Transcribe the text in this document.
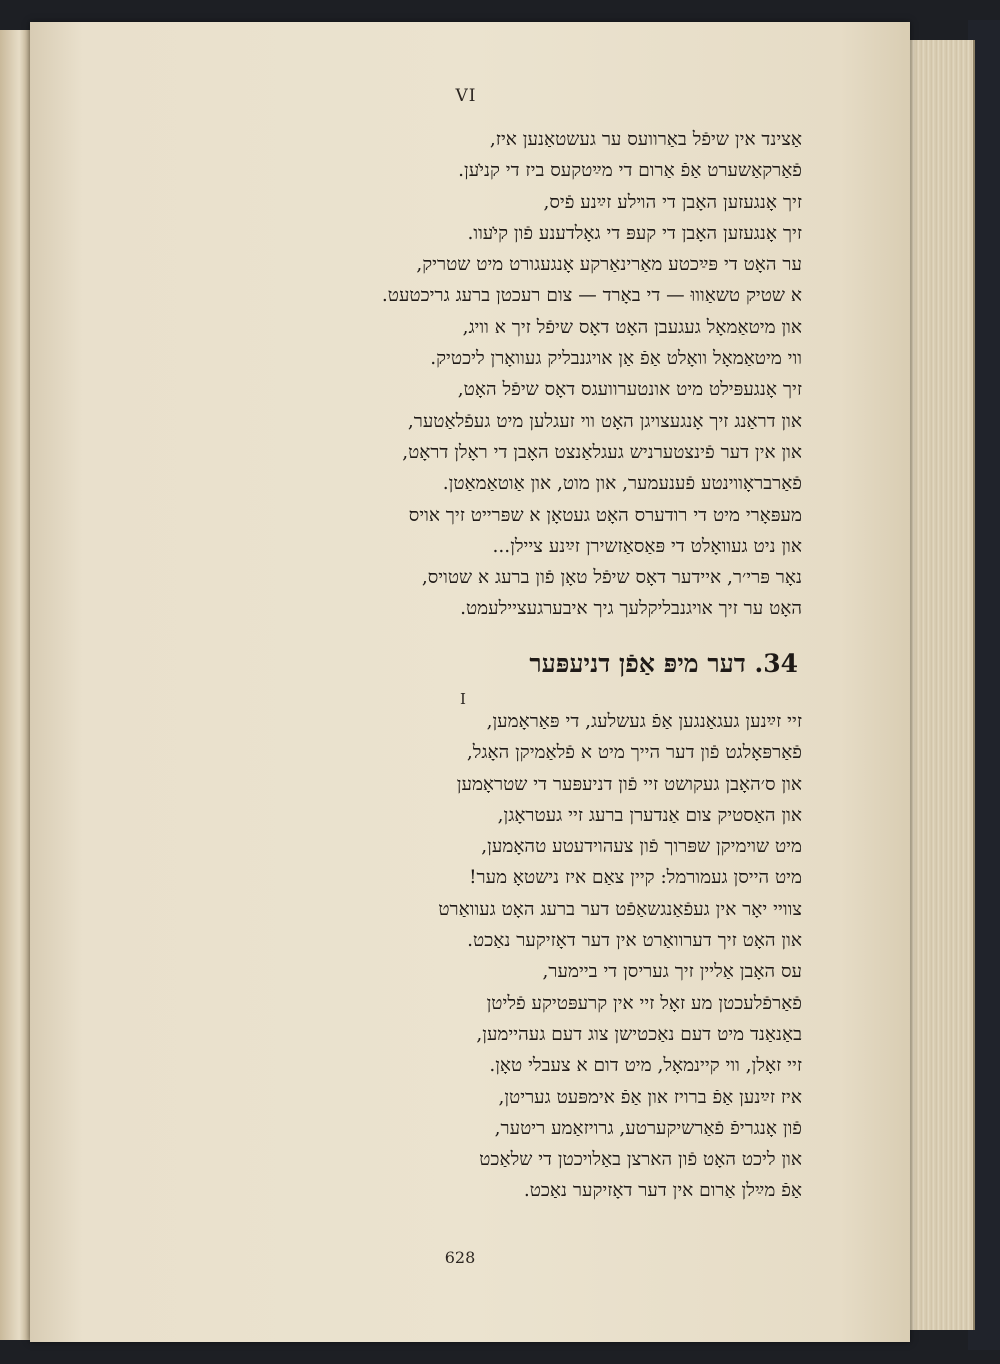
VI
אַצינד אין שיפֿל באַרוועס ער געשטאַנען איז,
פֿאַרקאַשערט אַפֿ אַרום די מײַטקעס ביז די קני̇ען.
זיך אָנגעזען האָבן די הױלע זײַנע פֿיס,
זיך אָנגעזען האָבן די קעפּ די גאָלדענע פֿון קי̇עוו.
ער האָט די פּײַכטע מאַרינאַרקע אָנגעגורט מיט שטריק,
א שטיק טשאַוווּ — די באָרד — צום רעכטן ברעג גריכטעט.
און מיטאַמאָל געגעבן האָט דאָס שיפֿל זיך א וויג,
ווי מיטאַמאָל וואָלט אַפֿ אַן אויגנבליק געוואָרן ליכטיק.
זיך אָנגעפּילט מיט אונטערוועגס דאָס שיפֿל האָט,
און דראַנג זיך אָנגעצויגן האָט ווי זעגלען מיט געפֿלאַטער,
און אין דער פֿינצטערניש געגלאַנצט האָבן די ראָלן דראָט,
פֿאַרבראָווינטע פֿענעמער, און מוט, און אַוטאַמאַטן.
מעפּאָרי מיט די רודערס האָט געטאָן א שפּרייט זיך אויס
און ניט געוואָלט די פּאַסאַזשירן זײַנע ציילן...
נאָר פּרי׳ר, איידער דאָס שיפֿל טאָן פֿון ברעג א שטויס,
האָט ער זיך אויגנבליקלעך גיך איבערגעציילעמט.
34. דער מיפּ אַפֿן דניעפּער
I
זיי זײַנען געגאַנגען אַפֿ געשלעג, די פּאַראָמען,
פֿאַרפּאָלגט פֿון דער הייך מיט א פֿלאַמיקן האָגל,
און ס׳האָבן געקושט זיי פֿון דניעפּער די שטראָמען
און האַסטיק צום אַנדערן ברעג זיי געטראָגן,
מיט שוימיקן שפּרוך פֿון צעהוידעטע טהאָמען,
מיט הייסן געמורמל: קיין צאַם איז נישטאָ מער!
צוויי יאָר אין געפֿאַנגשאַפֿט דער ברעג האָט געוואַרט
און האָט זיך דערוואַרט אין דער דאָזיקער נאַכט.
עס האָבן אַליין זיך געריסן די ביימער,
פֿאַרפֿלעכטן מע זאָל זיי אין קרעפּטיקע פֿליטן
באַנאַנד מיט דעם נאַכטישן צוג דעם געהיימען,
זיי זאָלן, ווי קיינמאָל, מיט דום א צעבלי טאָן.
איז זײַנען אַפֿ ברויז און אַפֿ אימפּעט געריטן,
פֿון אָנגריפֿ פֿאַרשיקערטע, גרויזאַמע ריטער,
און ליכט האָט פֿון הארצן באַלויכטן די שלאַכט
אַפֿ מײַלן אַרום אין דער דאָזיקער נאַכט.
628
